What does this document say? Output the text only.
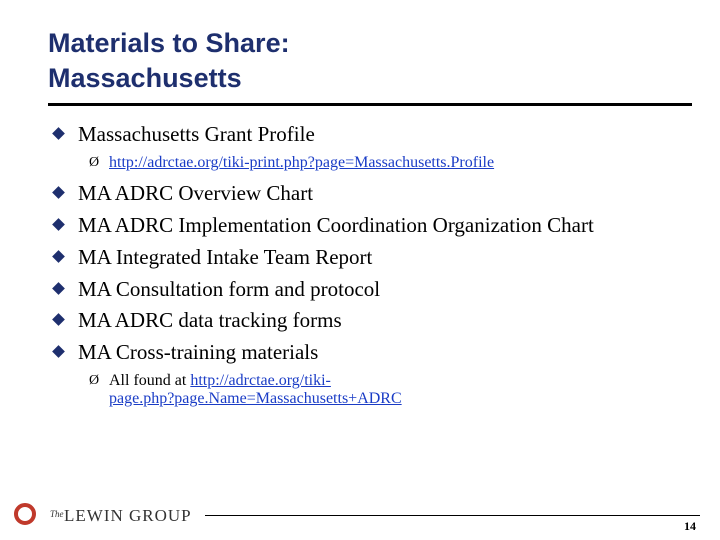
Materials to Share:
Massachusetts
Massachusetts Grant Profile
Ø http://adrctae.org/tiki-print.php?page=Massachusetts.Profile
MA ADRC Overview Chart
MA ADRC Implementation Coordination Organization Chart
MA Integrated Intake Team Report
MA Consultation form and protocol
MA ADRC data tracking forms
MA Cross-training materials
Ø All found at http://adrctae.org/tiki-
page.php?page.Name=Massachusetts+ADRC
The LEWIN GROUP
14
